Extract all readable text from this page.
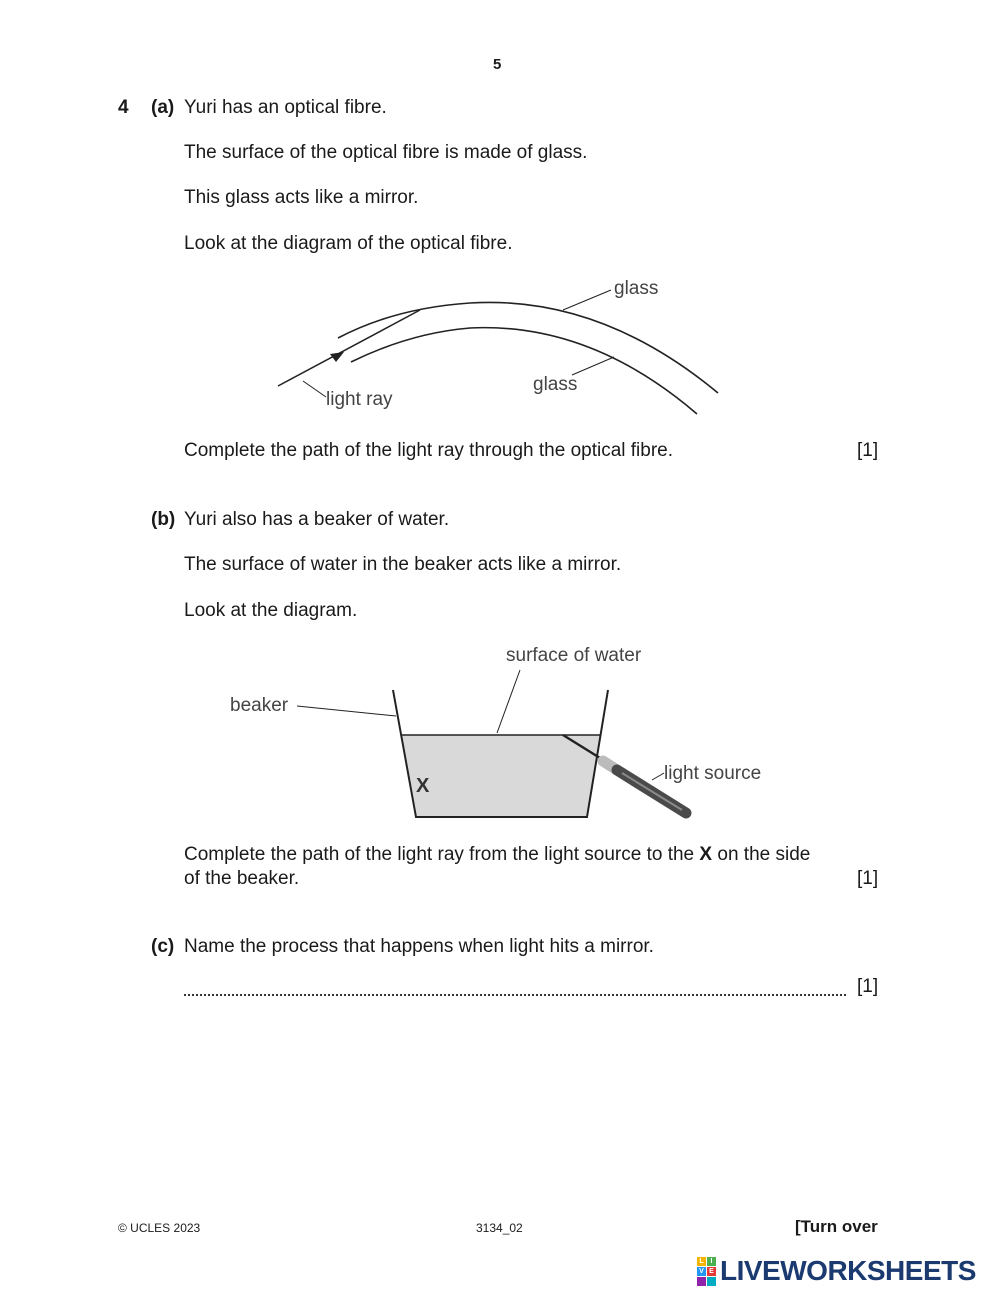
5
4 (a) Yuri has an optical fibre.
The surface of the optical fibre is made of glass.
This glass acts like a mirror.
Look at the diagram of the optical fibre.
glass
glass
light ray
Complete the path of the light ray through the optical fibre.	[1]
(b) Yuri also has a beaker of water.
The surface of water in the beaker acts like a mirror.
Look at the diagram.
surface of water
beaker
light source
X
Complete the path of the light ray from the light source to the X on the side
of the beaker.	[1]
(c) Name the process that happens when light hits a mirror.
[1]
© UCLES 2023	3134_02	[Turn over
L I
V E LIVEWORKSHEETS
